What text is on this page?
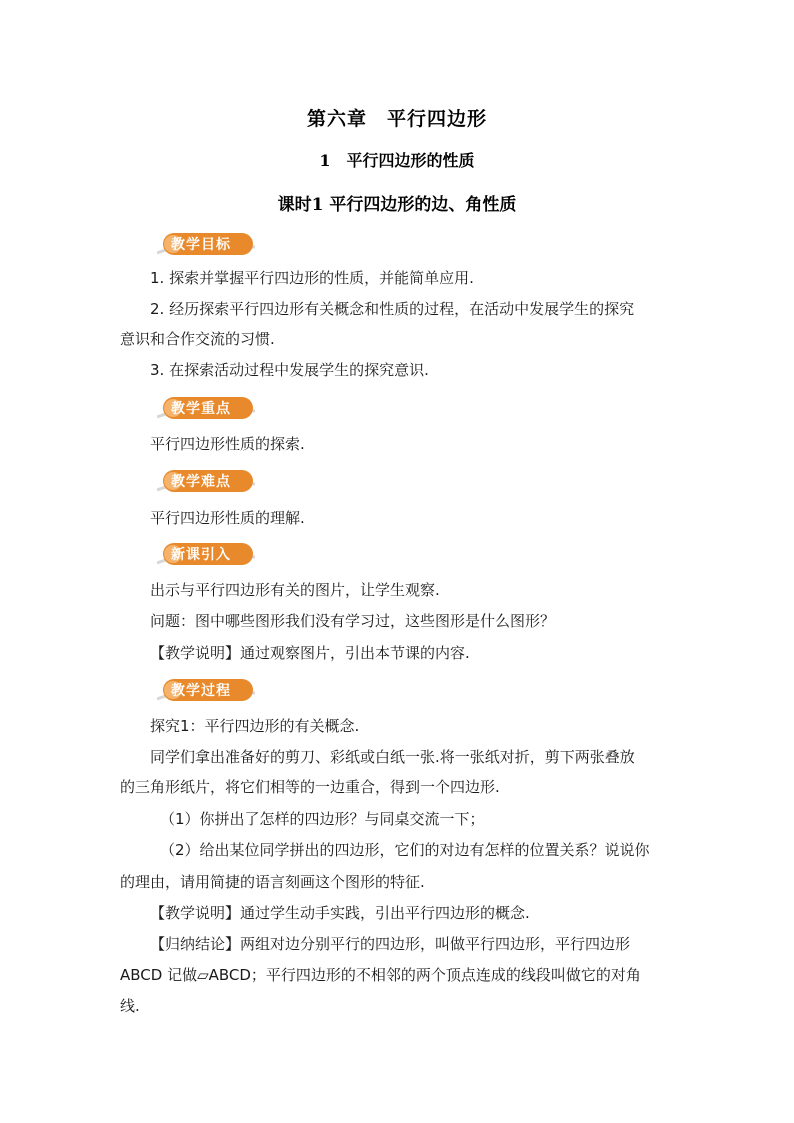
第六章　平行四边形
1　平行四边形的性质
课时1 平行四边形的边、角性质
教学目标
1. 探索并掌握平行四边形的性质，并能简单应用.
2. 经历探索平行四边形有关概念和性质的过程，在活动中发展学生的探究
意识和合作交流的习惯.
3. 在探索活动过程中发展学生的探究意识.
教学重点
平行四边形性质的探索.
教学难点
平行四边形性质的理解.
新课引入
出示与平行四边形有关的图片，让学生观察.
问题：图中哪些图形我们没有学习过，这些图形是什么图形？
【教学说明】通过观察图片，引出本节课的内容.
教学过程
探究1：平行四边形的有关概念.
同学们拿出准备好的剪刀、彩纸或白纸一张.将一张纸对折，剪下两张叠放
的三角形纸片，将它们相等的一边重合，得到一个四边形.
（1）你拼出了怎样的四边形？与同桌交流一下；
（2）给出某位同学拼出的四边形，它们的对边有怎样的位置关系？说说你
的理由，请用简捷的语言刻画这个图形的特征.
【教学说明】通过学生动手实践，引出平行四边形的概念.
【归纳结论】两组对边分别平行的四边形，叫做平行四边形，平行四边形
ABCD 记做▱ABCD；平行四边形的不相邻的两个顶点连成的线段叫做它的对角
线.
